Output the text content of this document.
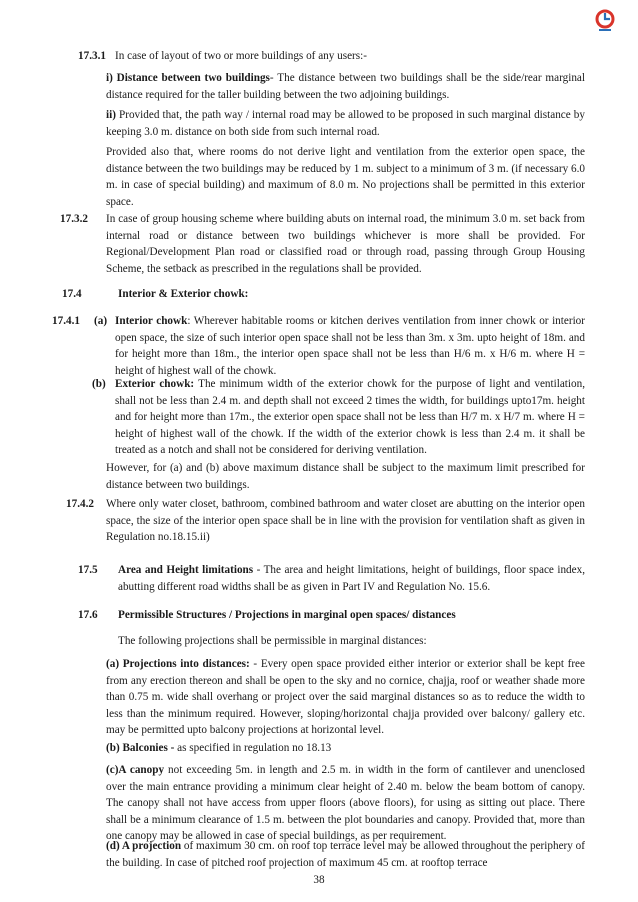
17.3.1 In case of layout of two or more buildings of any users:-
i) Distance between two buildings- The distance between two buildings shall be the side/rear marginal distance required for the taller building between the two adjoining buildings.
ii) Provided that, the path way / internal road may be allowed to be proposed in such marginal distance by keeping 3.0 m. distance on both side from such internal road.
Provided also that, where rooms do not derive light and ventilation from the exterior open space, the distance between the two buildings may be reduced by 1 m. subject to a minimum of 3 m. (if necessary 6.0 m. in case of special building) and maximum of 8.0 m. No projections shall be permitted in this exterior space.
17.3.2 In case of group housing scheme where building abuts on internal road, the minimum 3.0 m. set back from internal road or distance between two buildings whichever is more shall be provided. For Regional/Development Plan road or classified road or through road, passing through Group Housing Scheme, the setback as prescribed in the regulations shall be provided.
17.4	Interior & Exterior chowk:
17.4.1 (a) Interior chowk: Wherever habitable rooms or kitchen derives ventilation from inner chowk or interior open space, the size of such interior open space shall not be less than 3m. x 3m. upto height of 18m. and for height more than 18m., the interior open space shall not be less than H/6 m. x H/6 m. where H = height of highest wall of the chowk.
(b) Exterior chowk: The minimum width of the exterior chowk for the purpose of light and ventilation, shall not be less than 2.4 m. and depth shall not exceed 2 times the width, for buildings upto17m. height and for height more than 17m., the exterior open space shall not be less than H/7 m. x H/7 m. where H = height of highest wall of the chowk. If the width of the exterior chowk is less than 2.4 m. it shall be treated as a notch and shall not be considered for deriving ventilation.
However, for (a) and (b) above maximum distance shall be subject to the maximum limit prescribed for distance between two buildings.
17.4.2 Where only water closet, bathroom, combined bathroom and water closet are abutting on the interior open space, the size of the interior open space shall be in line with the provision for ventilation shaft as given in Regulation no.18.15.ii)
17.5 Area and Height limitations - The area and height limitations, height of buildings, floor space index, abutting different road widths shall be as given in Part IV and Regulation No. 15.6.
17.6 Permissible Structures / Projections in marginal open spaces/ distances
The following projections shall be permissible in marginal distances:
(a) Projections into distances: - Every open space provided either interior or exterior shall be kept free from any erection thereon and shall be open to the sky and no cornice, chajja, roof or weather shade more than 0.75 m. wide shall overhang or project over the said marginal distances so as to reduce the width to less than the minimum required. However, sloping/horizontal chajja provided over balcony/ gallery etc. may be permitted upto balcony projections at horizontal level.
(b) Balconies - as specified in regulation no 18.13
(c)A canopy not exceeding 5m. in length and 2.5 m. in width in the form of cantilever and unenclosed over the main entrance providing a minimum clear height of 2.40 m. below the beam bottom of canopy. The canopy shall not have access from upper floors (above floors), for using as sitting out place. There shall be a minimum clearance of 1.5 m. between the plot boundaries and canopy. Provided that, more than one canopy may be allowed in case of special buildings, as per requirement.
(d) A projection of maximum 30 cm. on roof top terrace level may be allowed throughout the periphery of the building. In case of pitched roof projection of maximum 45 cm. at rooftop terrace
38
